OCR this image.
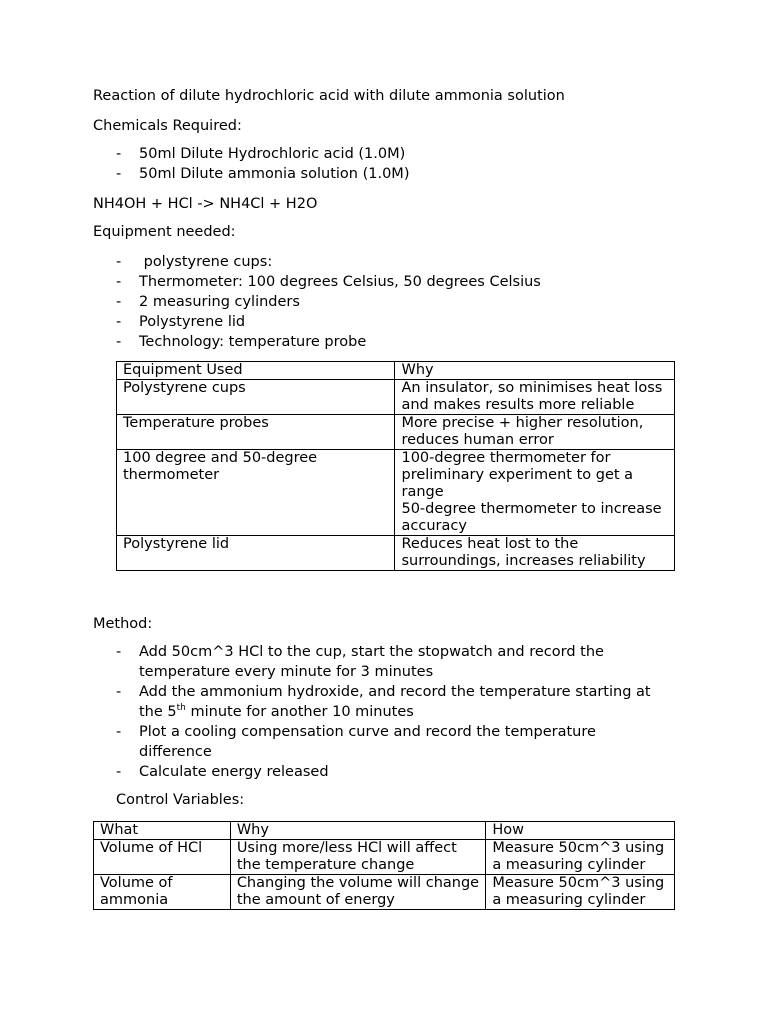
Reaction of dilute hydrochloric acid with dilute ammonia solution
Chemicals Required:
- 50ml Dilute Hydrochloric acid (1.0M)
- 50ml Dilute ammonia solution (1.0M)
NH4OH + HCl -> NH4Cl + H2O
Equipment needed:
-  polystyrene cups:
- Thermometer: 100 degrees Celsius, 50 degrees Celsius
- 2 measuring cylinders
- Polystyrene lid
- Technology: temperature probe
Equipment Used	Why
Polystyrene cups	An insulator, so minimises heat loss and makes results more reliable
Temperature probes	More precise + higher resolution, reduces human error
100 degree and 50-degree thermometer	100-degree thermometer for preliminary experiment to get a range
50-degree thermometer to increase accuracy

Polystyrene lid	Reduces heat lost to the surroundings, increases reliability
Method:
- Add 50cm^3 HCl to the cup, start the stopwatch and record the temperature every minute for 3 minutes
- Add the ammonium hydroxide, and record the temperature starting at the 5th minute for another 10 minutes
- Plot a cooling compensation curve and record the temperature difference
- Calculate energy released
Control Variables:
What	Why	How
Volume of HCl	Using more/less HCl will affect the temperature change	Measure 50cm^3 using a measuring cylinder
Volume of ammonia	Changing the volume will change the amount of energy	Measure 50cm^3 using a measuring cylinder
